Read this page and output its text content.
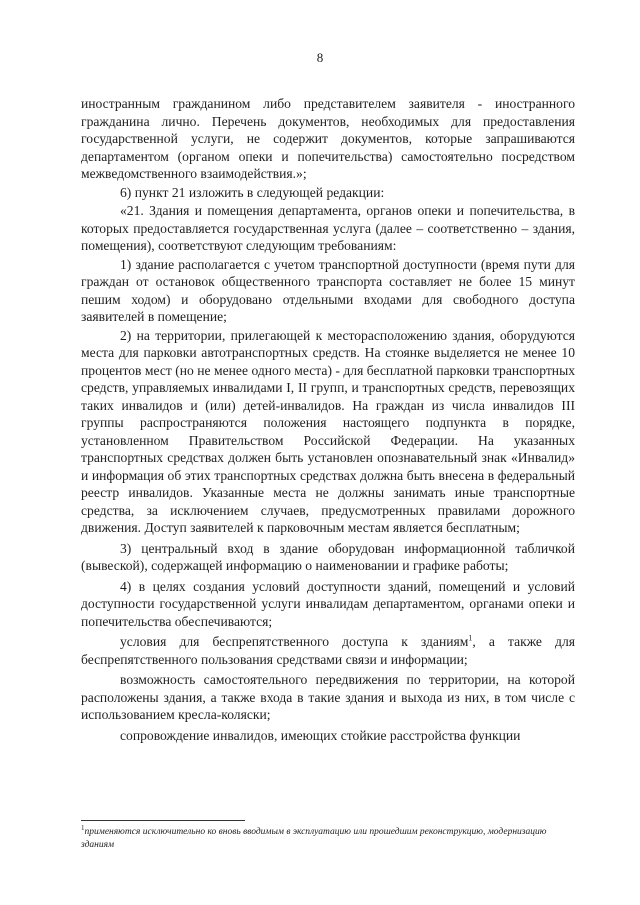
8

иностранным гражданином либо представителем заявителя - иностранного гражданина лично. Перечень документов, необходимых для предоставления государственной услуги, не содержит документов, которые запрашиваются департаментом (органом опеки и попечительства) самостоятельно посредством межведомственного взаимодействия.»;

6) пункт 21 изложить в следующей редакции:

«21. Здания и помещения департамента, органов опеки и попечительства, в которых предоставляется государственная услуга (далее – соответственно – здания, помещения), соответствуют следующим требованиям:

1) здание располагается с учетом транспортной доступности (время пути для граждан от остановок общественного транспорта составляет не более 15 минут пешим ходом) и оборудовано отдельными входами для свободного доступа заявителей в помещение;

2) на территории, прилегающей к месторасположению здания, оборудуются места для парковки автотранспортных средств. На стоянке выделяется не менее 10 процентов мест (но не менее одного места) - для бесплатной парковки транспортных средств, управляемых инвалидами I, II групп, и транспортных средств, перевозящих таких инвалидов и (или) детей-инвалидов. На граждан из числа инвалидов III группы распространяются положения настоящего подпункта в порядке, установленном Правительством Российской Федерации. На указанных транспортных средствах должен быть установлен опознавательный знак «Инвалид» и информация об этих транспортных средствах должна быть внесена в федеральный реестр инвалидов. Указанные места не должны занимать иные транспортные средства, за исключением случаев, предусмотренных правилами дорожного движения. Доступ заявителей к парковочным местам является бесплатным;

3) центральный вход в здание оборудован информационной табличкой (вывеской), содержащей информацию о наименовании и графике работы;

4) в целях создания условий доступности зданий, помещений и условий доступности государственной услуги инвалидам департаментом, органами опеки и попечительства обеспечиваются;

условия для беспрепятственного доступа к зданиям$^1$, а также для беспрепятственного пользования средствами связи и информации;

возможность самостоятельного передвижения по территории, на которой расположены здания, а также входа в такие здания и выхода из них, в том числе с использованием кресла-коляски;

сопровождение инвалидов, имеющих стойкие расстройства функции

$^1$применяются исключительно ко вновь вводимым в эксплуатацию или прошедшим реконструкцию, модернизацию зданиям
